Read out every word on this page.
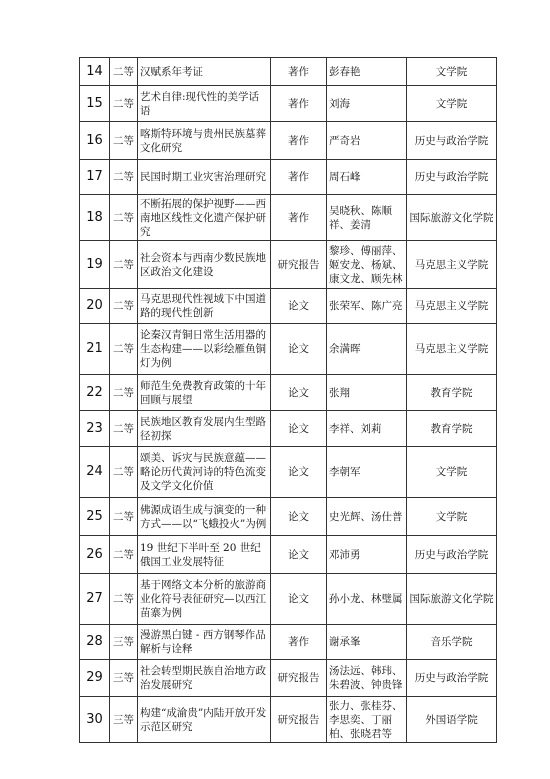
14	二等	汉赋系年考证	著作	彭春艳	文学院
15	二等	艺术自律:现代性的美学话语	著作	刘海	文学院
16	二等	喀斯特环境与贵州民族墓葬文化研究	著作	严奇岩	历史与政治学院
17	二等	民国时期工业灾害治理研究	著作	周石峰	历史与政治学院
18	二等	不断拓展的保护视野——西南地区线性文化遗产保护研究	著作	吴晓秋、陈顺祥、姜清	国际旅游文化学院
19	二等	社会资本与西南少数民族地区政治文化建设	研究报告	黎珍、傅丽萍、姬安龙、杨斌、康文龙、顾先林	马克思主义学院
20	二等	马克思现代性视域下中国道路的现代性创新	论文	张荣军、陈广亮	马克思主义学院
21	二等	论秦汉青铜日常生活用器的生态构建——以彩绘雁鱼铜灯为例	论文	余满晖	马克思主义学院
22	二等	师范生免费教育政策的十年回顾与展望	论文	张翔	教育学院
23	二等	民族地区教育发展内生型路径初探	论文	李祥、刘莉	教育学院
24	二等	颂美、诉灾与民族意蕴——略论历代黄河诗的特色流变及文学文化价值	论文	李朝军	文学院
25	二等	佛源成语生成与演变的一种方式——以“飞蛾投火”为例	论文	史光辉、汤仕普	文学院
26	二等	19 世纪下半叶至 20 世纪俄国工业发展特征	论文	邓沛勇	历史与政治学院
27	二等	基于网络文本分析的旅游商业化符号表征研究—以西江苗寨为例	论文	孙小龙、林璧属	国际旅游文化学院
28	三等	漫游黑白键 - 西方钢琴作品解析与诠释	著作	谢承峯	音乐学院
29	三等	社会转型期民族自治地方政治发展研究	研究报告	汤法远、韩玮、朱碧波、钟贵锋	历史与政治学院
30	三等	构建“成渝贵”内陆开放开发示范区研究	研究报告	张力、张桂芬、李思奕、丁丽柏、张晓君等	外国语学院
